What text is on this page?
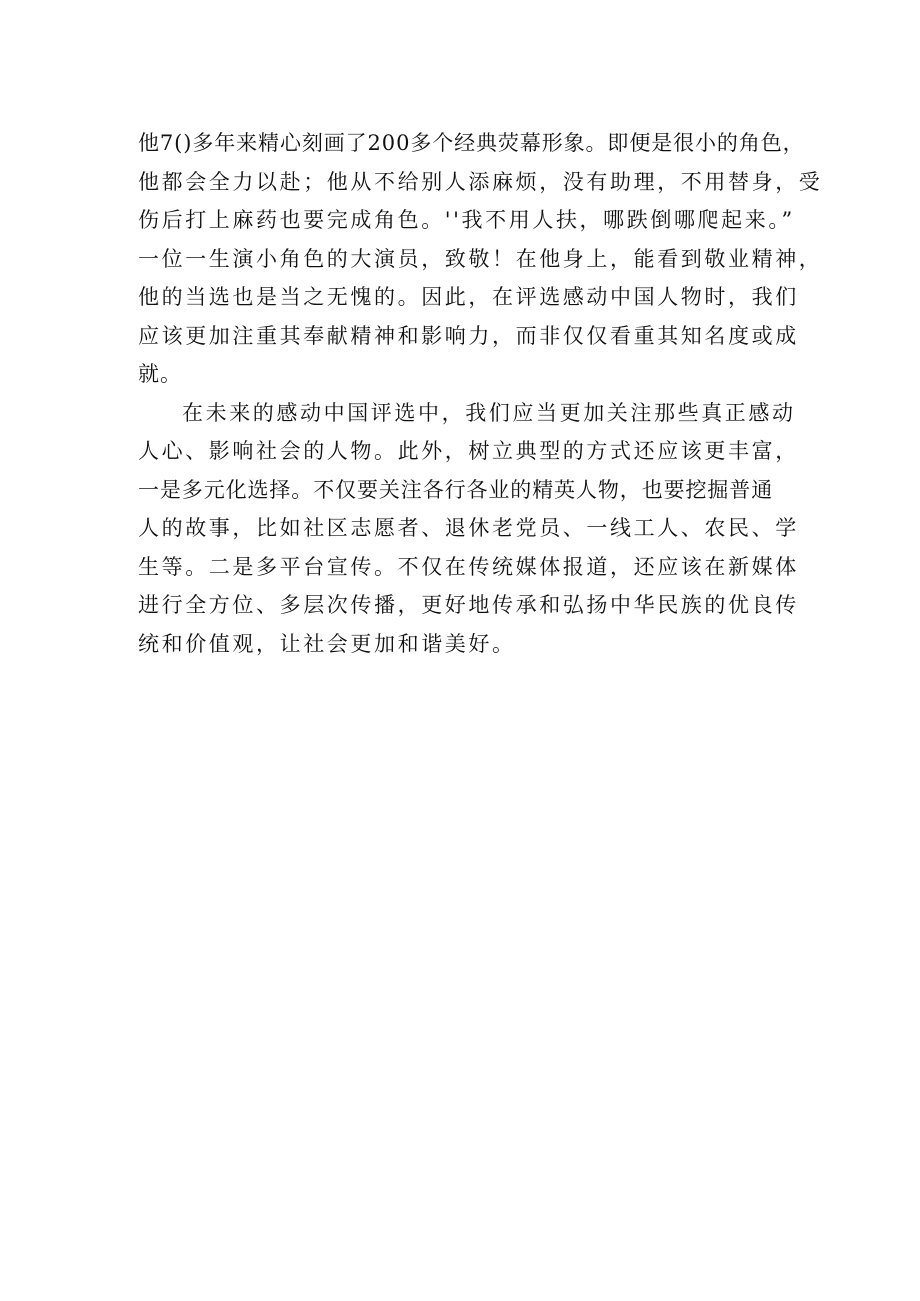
他7()多年来精心刻画了200多个经典荧幕形象。即便是很小的角色，
他都会全力以赴；他从不给别人添麻烦，没有助理，不用替身，受
伤后打上麻药也要完成角色。''我不用人扶，哪跌倒哪爬起来。”
一位一生演小角色的大演员，致敬！在他身上，能看到敬业精神，
他的当选也是当之无愧的。因此，在评选感动中国人物时，我们
应该更加注重其奉献精神和影响力，而非仅仅看重其知名度或成
就。
在未来的感动中国评选中，我们应当更加关注那些真正感动
人心、影响社会的人物。此外，树立典型的方式还应该更丰富，
一是多元化选择。不仅要关注各行各业的精英人物，也要挖掘普通
人的故事，比如社区志愿者、退休老党员、一线工人、农民、学
生等。二是多平台宣传。不仅在传统媒体报道，还应该在新媒体
进行全方位、多层次传播，更好地传承和弘扬中华民族的优良传
统和价值观，让社会更加和谐美好。
